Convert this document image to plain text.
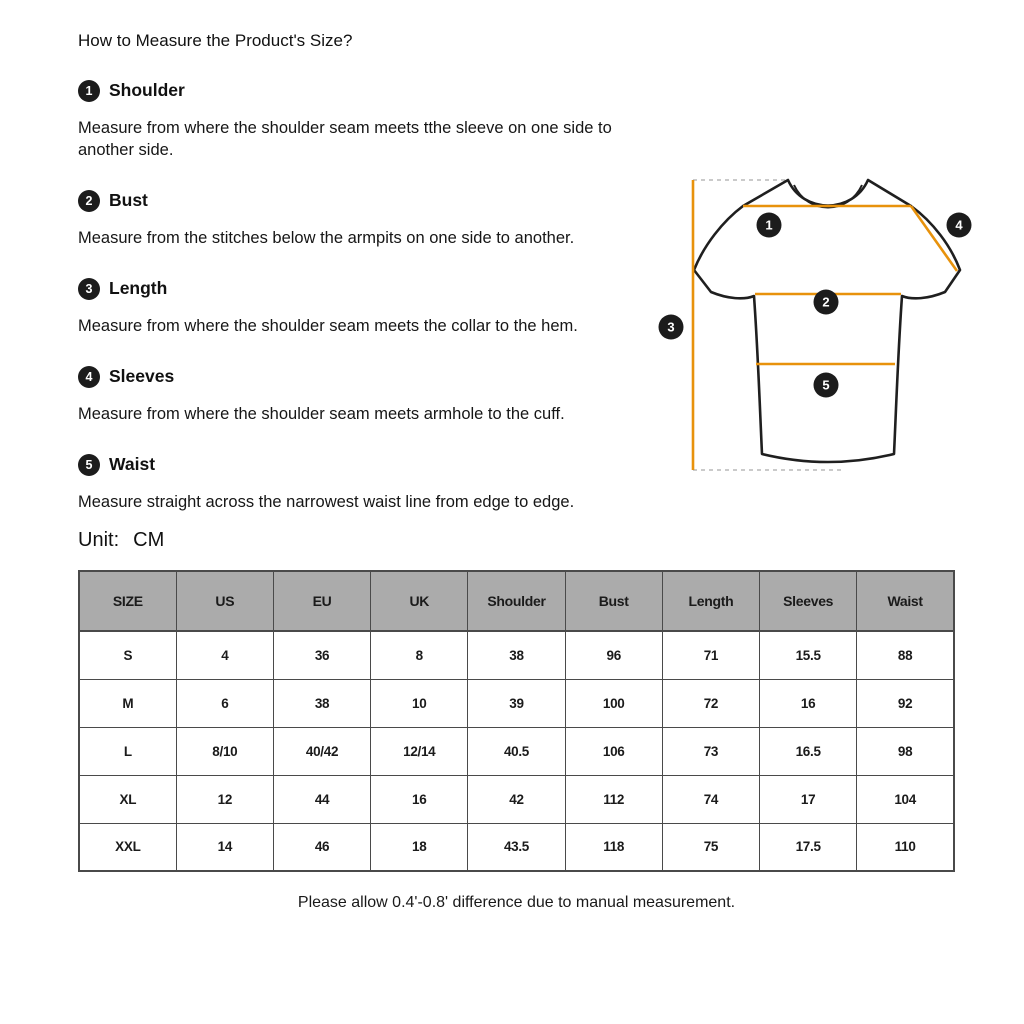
How to Measure the Product's Size?
1 Shoulder
Measure from where the shoulder seam meets tthe sleeve on one side to another side.
2 Bust
Measure from the stitches below the armpits on one side to another.
3 Length
Measure from where the shoulder seam meets the collar to the hem.
4 Sleeves
Measure from where the shoulder seam meets armhole to the cuff.
5 Waist
Measure straight across the narrowest waist line from edge to edge.
Unit: CM
SIZE	US	EU	UK	Shoulder	Bust	Length	Sleeves	Waist
S	4	36	8	38	96	71	15.5	88
M	6	38	10	39	100	72	16	92
L	8/10	40/42	12/14	40.5	106	73	16.5	98
XL	12	44	16	42	112	74	17	104
XXL	14	46	18	43.5	118	75	17.5	110
Please allow 0.4'-0.8' difference due to manual measurement.
1
2
3
4
5
